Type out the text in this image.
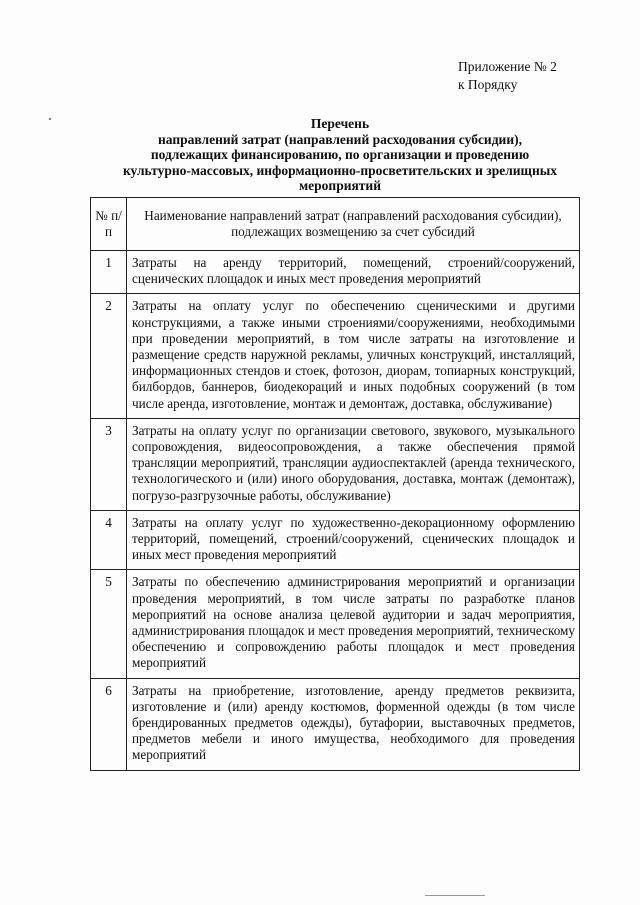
Приложение № 2
к Порядку
Перечень
направлений затрат (направлений расходования субсидии),
подлежащих финансированию, по организации и проведению
культурно-массовых, информационно-просветительских и зрелищных
мероприятий
№ п/п	Наименование направлений затрат (направлений расходования субсидии), подлежащих возмещению за счет субсидий
1	Затраты на аренду территорий, помещений, строений/сооружений, сценических площадок и иных мест проведения мероприятий
2	Затраты на оплату услуг по обеспечению сценическими и другими конструкциями, а также иными строениями/сооружениями, необходимыми при проведении мероприятий, в том числе затраты на изготовление и размещение средств наружной рекламы, уличных конструкций, инсталляций, информационных стендов и стоек, фотозон, диорам, топиарных конструкций, билбордов, баннеров, биодекораций и иных подобных сооружений (в том числе аренда, изготовление, монтаж и демонтаж, доставка, обслуживание)
3	Затраты на оплату услуг по организации светового, звукового, музыкального сопровождения, видеосопровождения, а также обеспечения прямой трансляции мероприятий, трансляции аудиоспектаклей (аренда технического, технологического и (или) иного оборудования, доставка, монтаж (демонтаж), погрузо-разгрузочные работы, обслуживание)
4	Затраты на оплату услуг по художественно-декорационному оформлению территорий, помещений, строений/сооружений, сценических площадок и иных мест проведения мероприятий
5	Затраты по обеспечению администрирования мероприятий и организации проведения мероприятий, в том числе затраты по разработке планов мероприятий на основе анализа целевой аудитории и задач мероприятия, администрирования площадок и мест проведения мероприятий, техническому обеспечению и сопровождению работы площадок и мест проведения мероприятий
6	Затраты на приобретение, изготовление, аренду предметов реквизита, изготовление и (или) аренду костюмов, форменной одежды (в том числе брендированных предметов одежды), бутафории, выставочных предметов, предметов мебели и иного имущества, необходимого для проведения мероприятий
